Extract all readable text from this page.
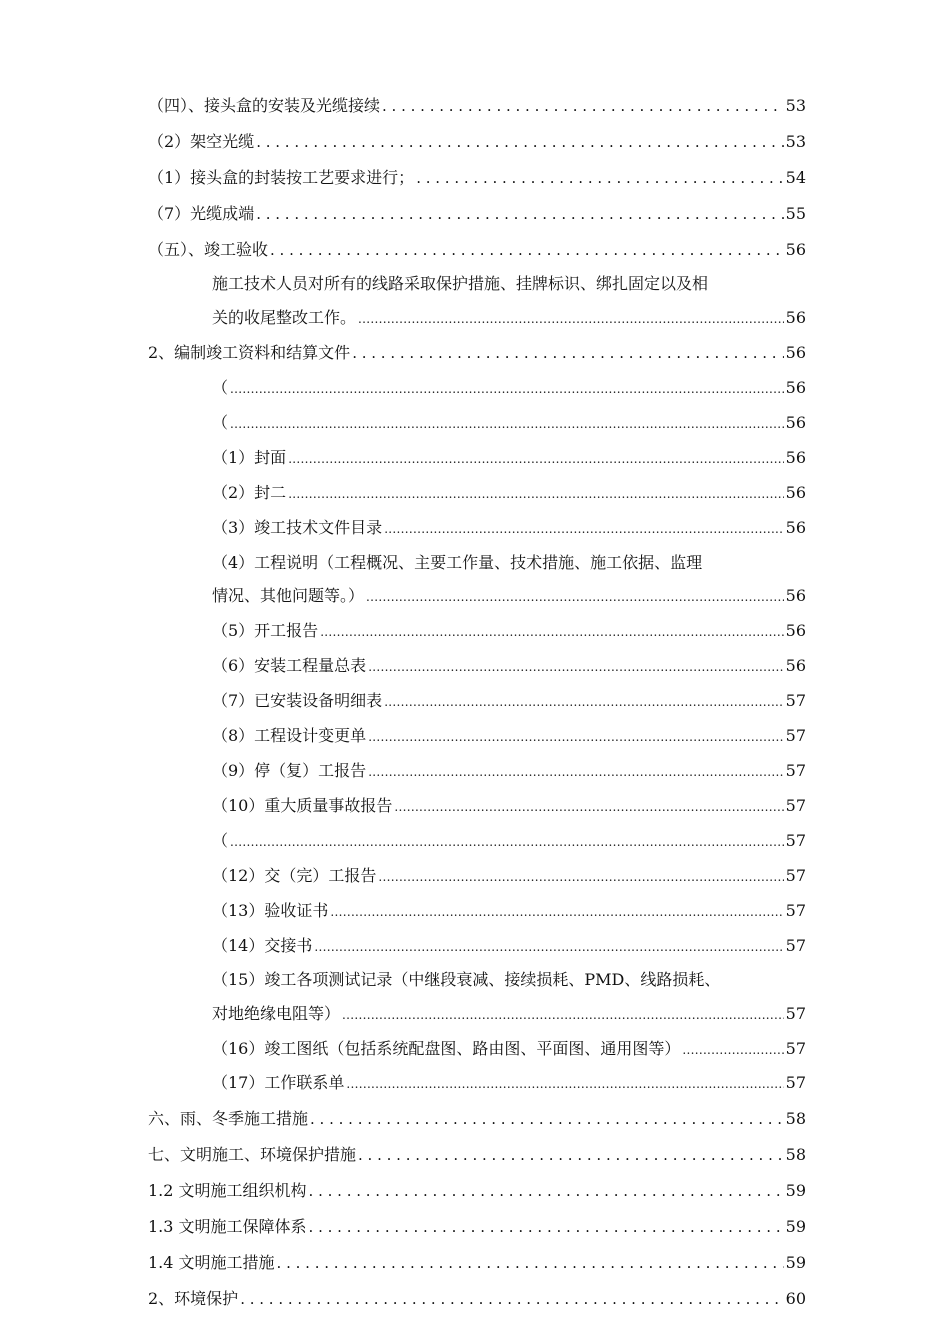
（四）、接头盒的安装及光缆接续 . . .	53
（2）架空光缆 . . .	53
（1）接头盒的封装按工艺要求进行； . . .	54
（7）光缆成端 . . .	55
（五）、竣工验收 . . .	56
施工技术人员对所有的线路采取保护措施、挂牌标识、绑扎固定以及相
关的收尾整改工作。 .....	56
2、编制竣工资料和结算文件 . . .	56
（ .....	56
（ .....	56
（1）封面 .....	56
（2）封二 .....	56
（3）竣工技术文件目录 .....	56
（4）工程说明（工程概况、主要工作量、技术措施、施工依据、监理
情况、其他问题等。） .....	56
（5）开工报告 .....	56
（6）安装工程量总表 .....	56
（7）已安装设备明细表 .....	57
（8）工程设计变更单 .....	57
（9）停（复）工报告 .....	57
（10）重大质量事故报告 .....	57
（ .....	57
（12）交（完）工报告 .....	57
（13）验收证书 .....	57
（14）交接书 .....	57
（15）竣工各项测试记录（中继段衰减、接续损耗、PMD、线路损耗、
对地绝缘电阻等） .....	57
（16）竣工图纸（包括系统配盘图、路由图、平面图、通用图等） .....	57
（17）工作联系单 .....	57
六、雨、冬季施工措施 . . .	58
七、文明施工、环境保护措施 . . .	58
1.2 文明施工组织机构 . . .	59
1.3 文明施工保障体系 . . .	59
1.4 文明施工措施 . . .	59
2、环境保护 . . .	60
